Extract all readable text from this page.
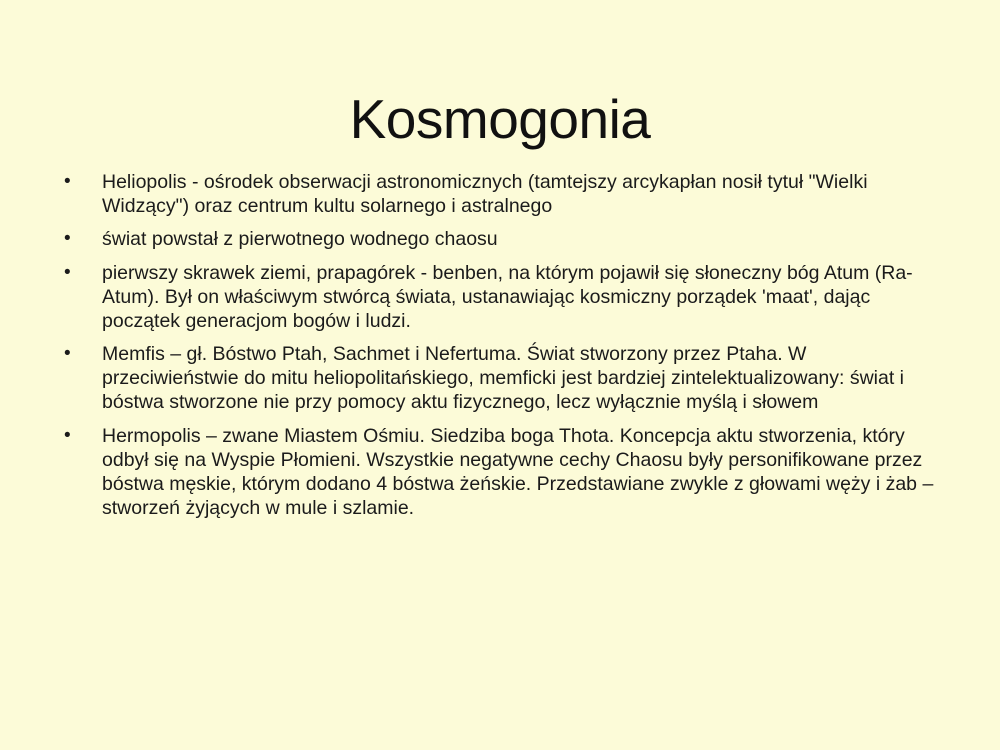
Kosmogonia
• Heliopolis - ośrodek obserwacji astronomicznych (tamtejszy arcykapłan nosił tytuł "Wielki Widzący") oraz centrum kultu solarnego i astralnego
• świat powstał z pierwotnego wodnego chaosu
• pierwszy skrawek ziemi, prapagórek - benben, na którym pojawił się słoneczny bóg Atum (Ra-Atum). Był on właściwym stwórcą świata, ustanawiając kosmiczny porządek 'maat', dając początek generacjom bogów i ludzi.
• Memfis – gł. Bóstwo Ptah, Sachmet i Nefertuma. Świat stworzony przez Ptaha. W przeciwieństwie do mitu heliopolitańskiego, memficki jest bardziej zintelektualizowany: świat i bóstwa stworzone nie przy pomocy aktu fizycznego, lecz wyłącznie myślą i słowem
• Hermopolis – zwane Miastem Ośmiu. Siedziba boga Thota. Koncepcja aktu stworzenia, który odbył się na Wyspie Płomieni. Wszystkie negatywne cechy Chaosu były personifikowane przez bóstwa męskie, którym dodano 4 bóstwa żeńskie. Przedstawiane zwykle z głowami węży i żab – stworzeń żyjących w mule i szlamie.
